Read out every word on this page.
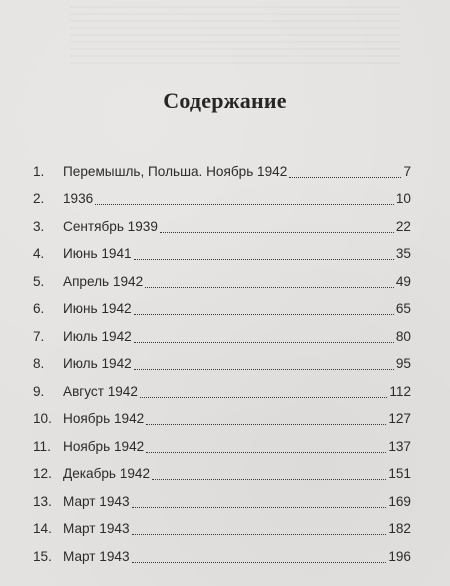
Содержание
1.	Перемышль, Польша. Ноябрь 1942	7
2.	1936	10
3.	Сентябрь 1939	22
4.	Июнь 1941	35
5.	Апрель 1942	49
6.	Июнь 1942	65
7.	Июль 1942	80
8.	Июль 1942	95
9.	Август 1942	112
10. Ноябрь 1942	127
11. Ноябрь 1942	137
12. Декабрь 1942	151
13. Март 1943	169
14. Март 1943	182
15. Март 1943	196
